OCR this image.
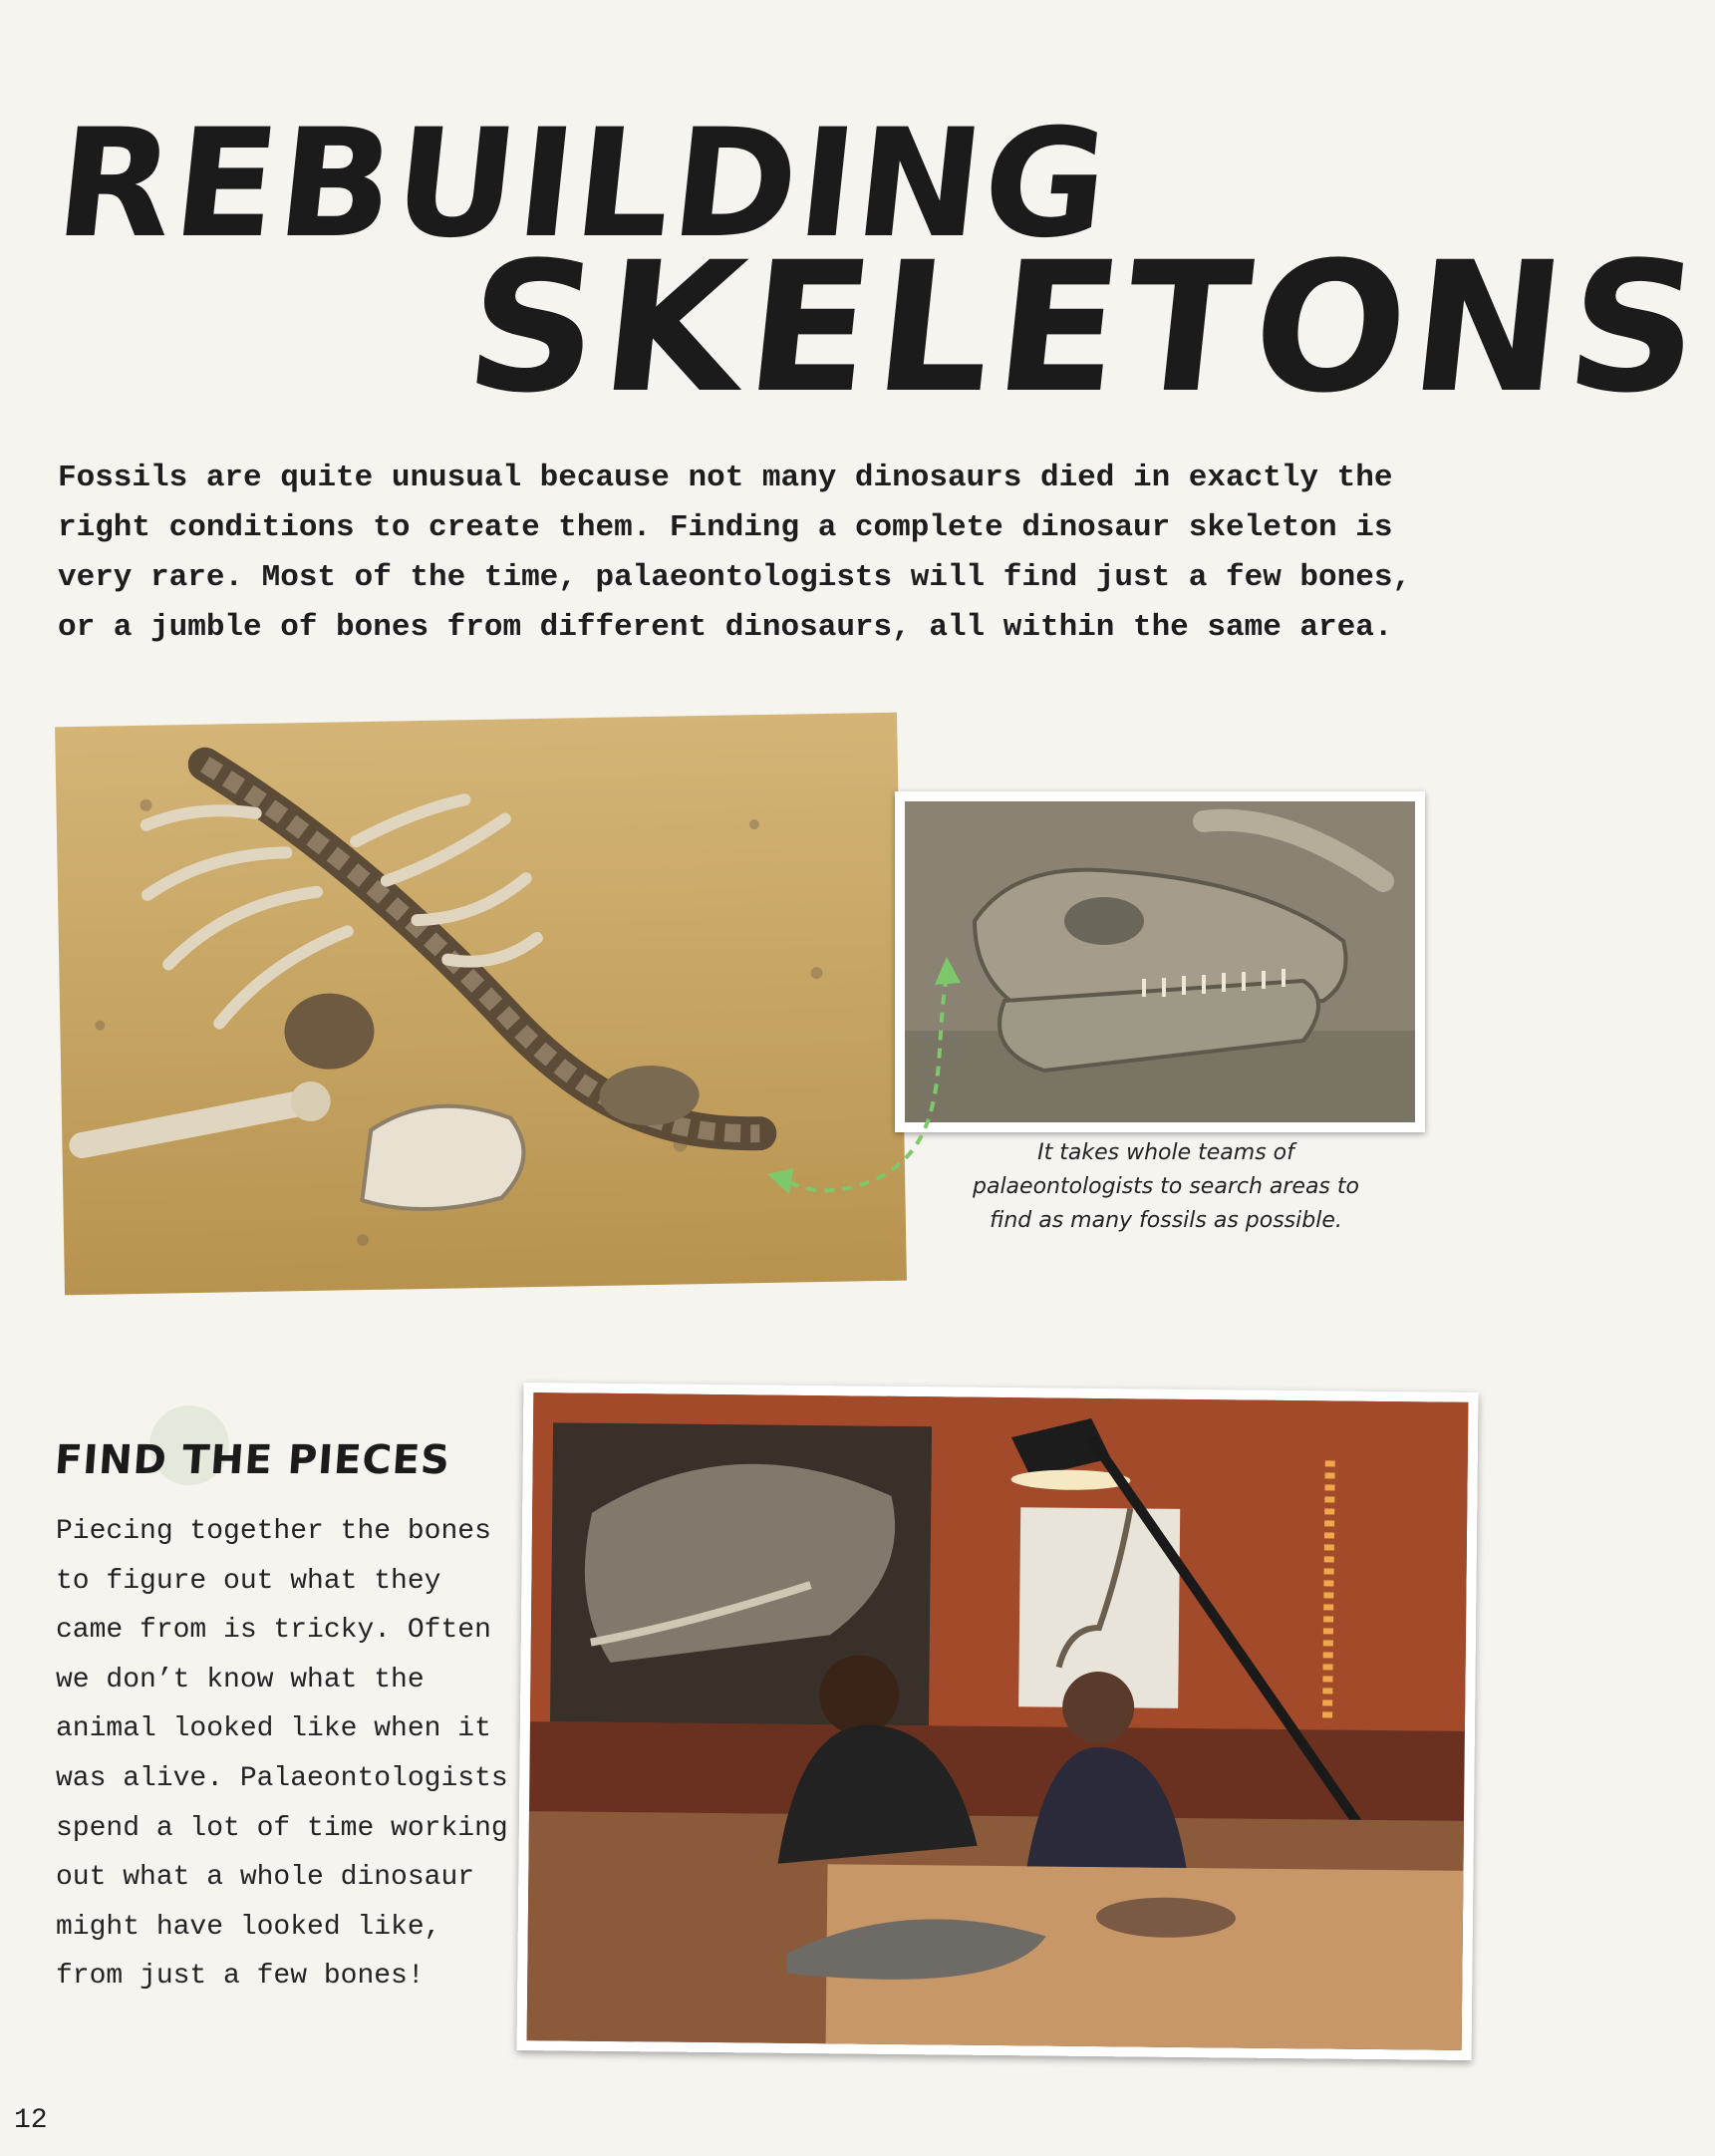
REBUILDING
SKELETONS

Fossils are quite unusual because not many dinosaurs died in exactly the right conditions to create them. Finding a complete dinosaur skeleton is very rare. Most of the time, palaeontologists will find just a few bones, or a jumble of bones from different dinosaurs, all within the same area.

It takes whole teams of palaeontologists to search areas to find as many fossils as possible.

FIND THE PIECES

Piecing together the bones to figure out what they came from is tricky. Often we don’t know what the animal looked like when it was alive. Palaeontologists spend a lot of time working out what a whole dinosaur might have looked like, from just a few bones!

12
